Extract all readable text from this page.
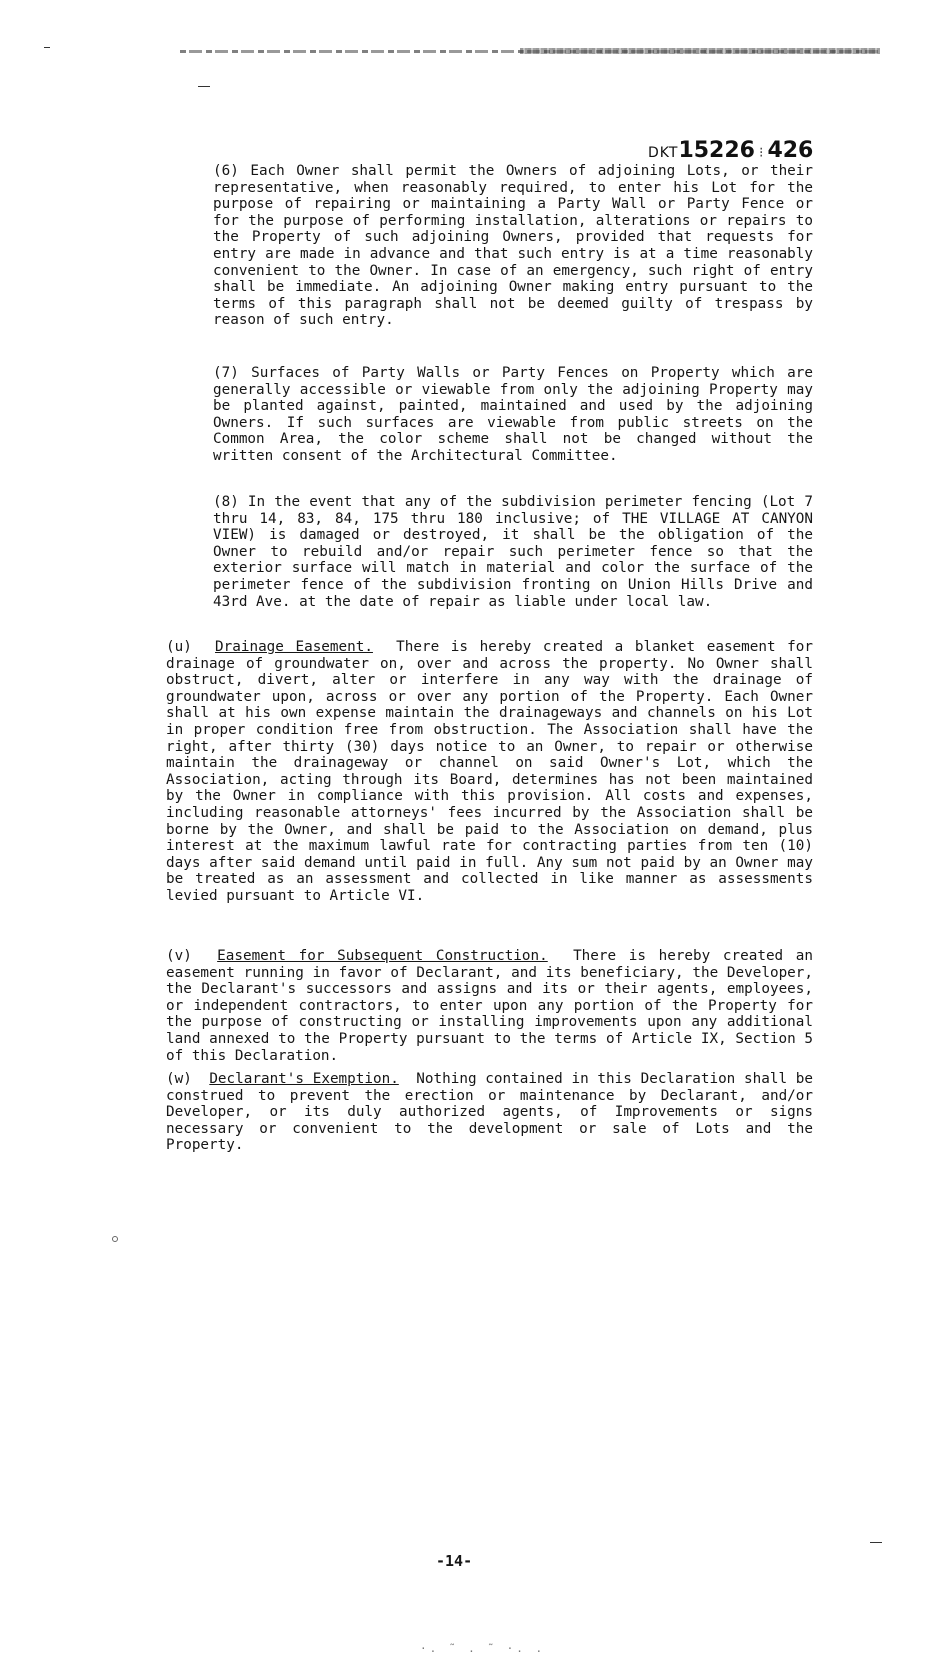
DKT15226 ⁝ 426

(6) Each Owner shall permit the Owners of adjoining Lots, or their representative, when reasonably required, to enter his Lot for the purpose of repairing or maintaining a Party Wall or Party Fence or for the purpose of performing installation, alterations or repairs to the Property of such adjoining Owners, provided that requests for entry are made in advance and that such entry is at a time reasonably convenient to the Owner. In case of an emergency, such right of entry shall be immediate. An adjoining Owner making entry pursuant to the terms of this paragraph shall not be deemed guilty of trespass by reason of such entry.

(7) Surfaces of Party Walls or Party Fences on Property which are generally accessible or viewable from only the adjoining Property may be planted against, painted, maintained and used by the adjoining Owners. If such surfaces are viewable from public streets on the Common Area, the color scheme shall not be changed without the written consent of the Architectural Committee.

(8) In the event that any of the subdivision perimeter fencing (Lot 7 thru 14, 83, 84, 175 thru 180 inclusive; of THE VILLAGE AT CANYON VIEW) is damaged or destroyed, it shall be the obligation of the Owner to rebuild and/or repair such perimeter fence so that the exterior surface will match in material and color the surface of the perimeter fence of the subdivision fronting on Union Hills Drive and 43rd Ave. at the date of repair as liable under local law.

(u) Drainage Easement. There is hereby created a blanket easement for drainage of groundwater on, over and across the property. No Owner shall obstruct, divert, alter or interfere in any way with the drainage of groundwater upon, across or over any portion of the Property. Each Owner shall at his own expense maintain the drainageways and channels on his Lot in proper condition free from obstruction. The Association shall have the right, after thirty (30) days notice to an Owner, to repair or otherwise maintain the drainageway or channel on said Owner's Lot, which the Association, acting through its Board, determines has not been maintained by the Owner in compliance with this provision. All costs and expenses, including reasonable attorneys' fees incurred by the Association shall be borne by the Owner, and shall be paid to the Association on demand, plus interest at the maximum lawful rate for contracting parties from ten (10) days after said demand until paid in full. Any sum not paid by an Owner may be treated as an assessment and collected in like manner as assessments levied pursuant to Article VI.

(v) Easement for Subsequent Construction. There is hereby created an easement running in favor of Declarant, and its beneficiary, the Developer, the Declarant's successors and assigns and its or their agents, employees, or independent contractors, to enter upon any portion of the Property for the purpose of constructing or installing improvements upon any additional land annexed to the Property pursuant to the terms of Article IX, Section 5 of this Declaration.

(w) Declarant's Exemption. Nothing contained in this Declaration shall be construed to prevent the erection or maintenance by Declarant, and/or Developer, or its duly authorized agents, of Improvements or signs necessary or convenient to the development or sale of Lots and the Property.

-14-
·. ˜ . ˜ ·. .
